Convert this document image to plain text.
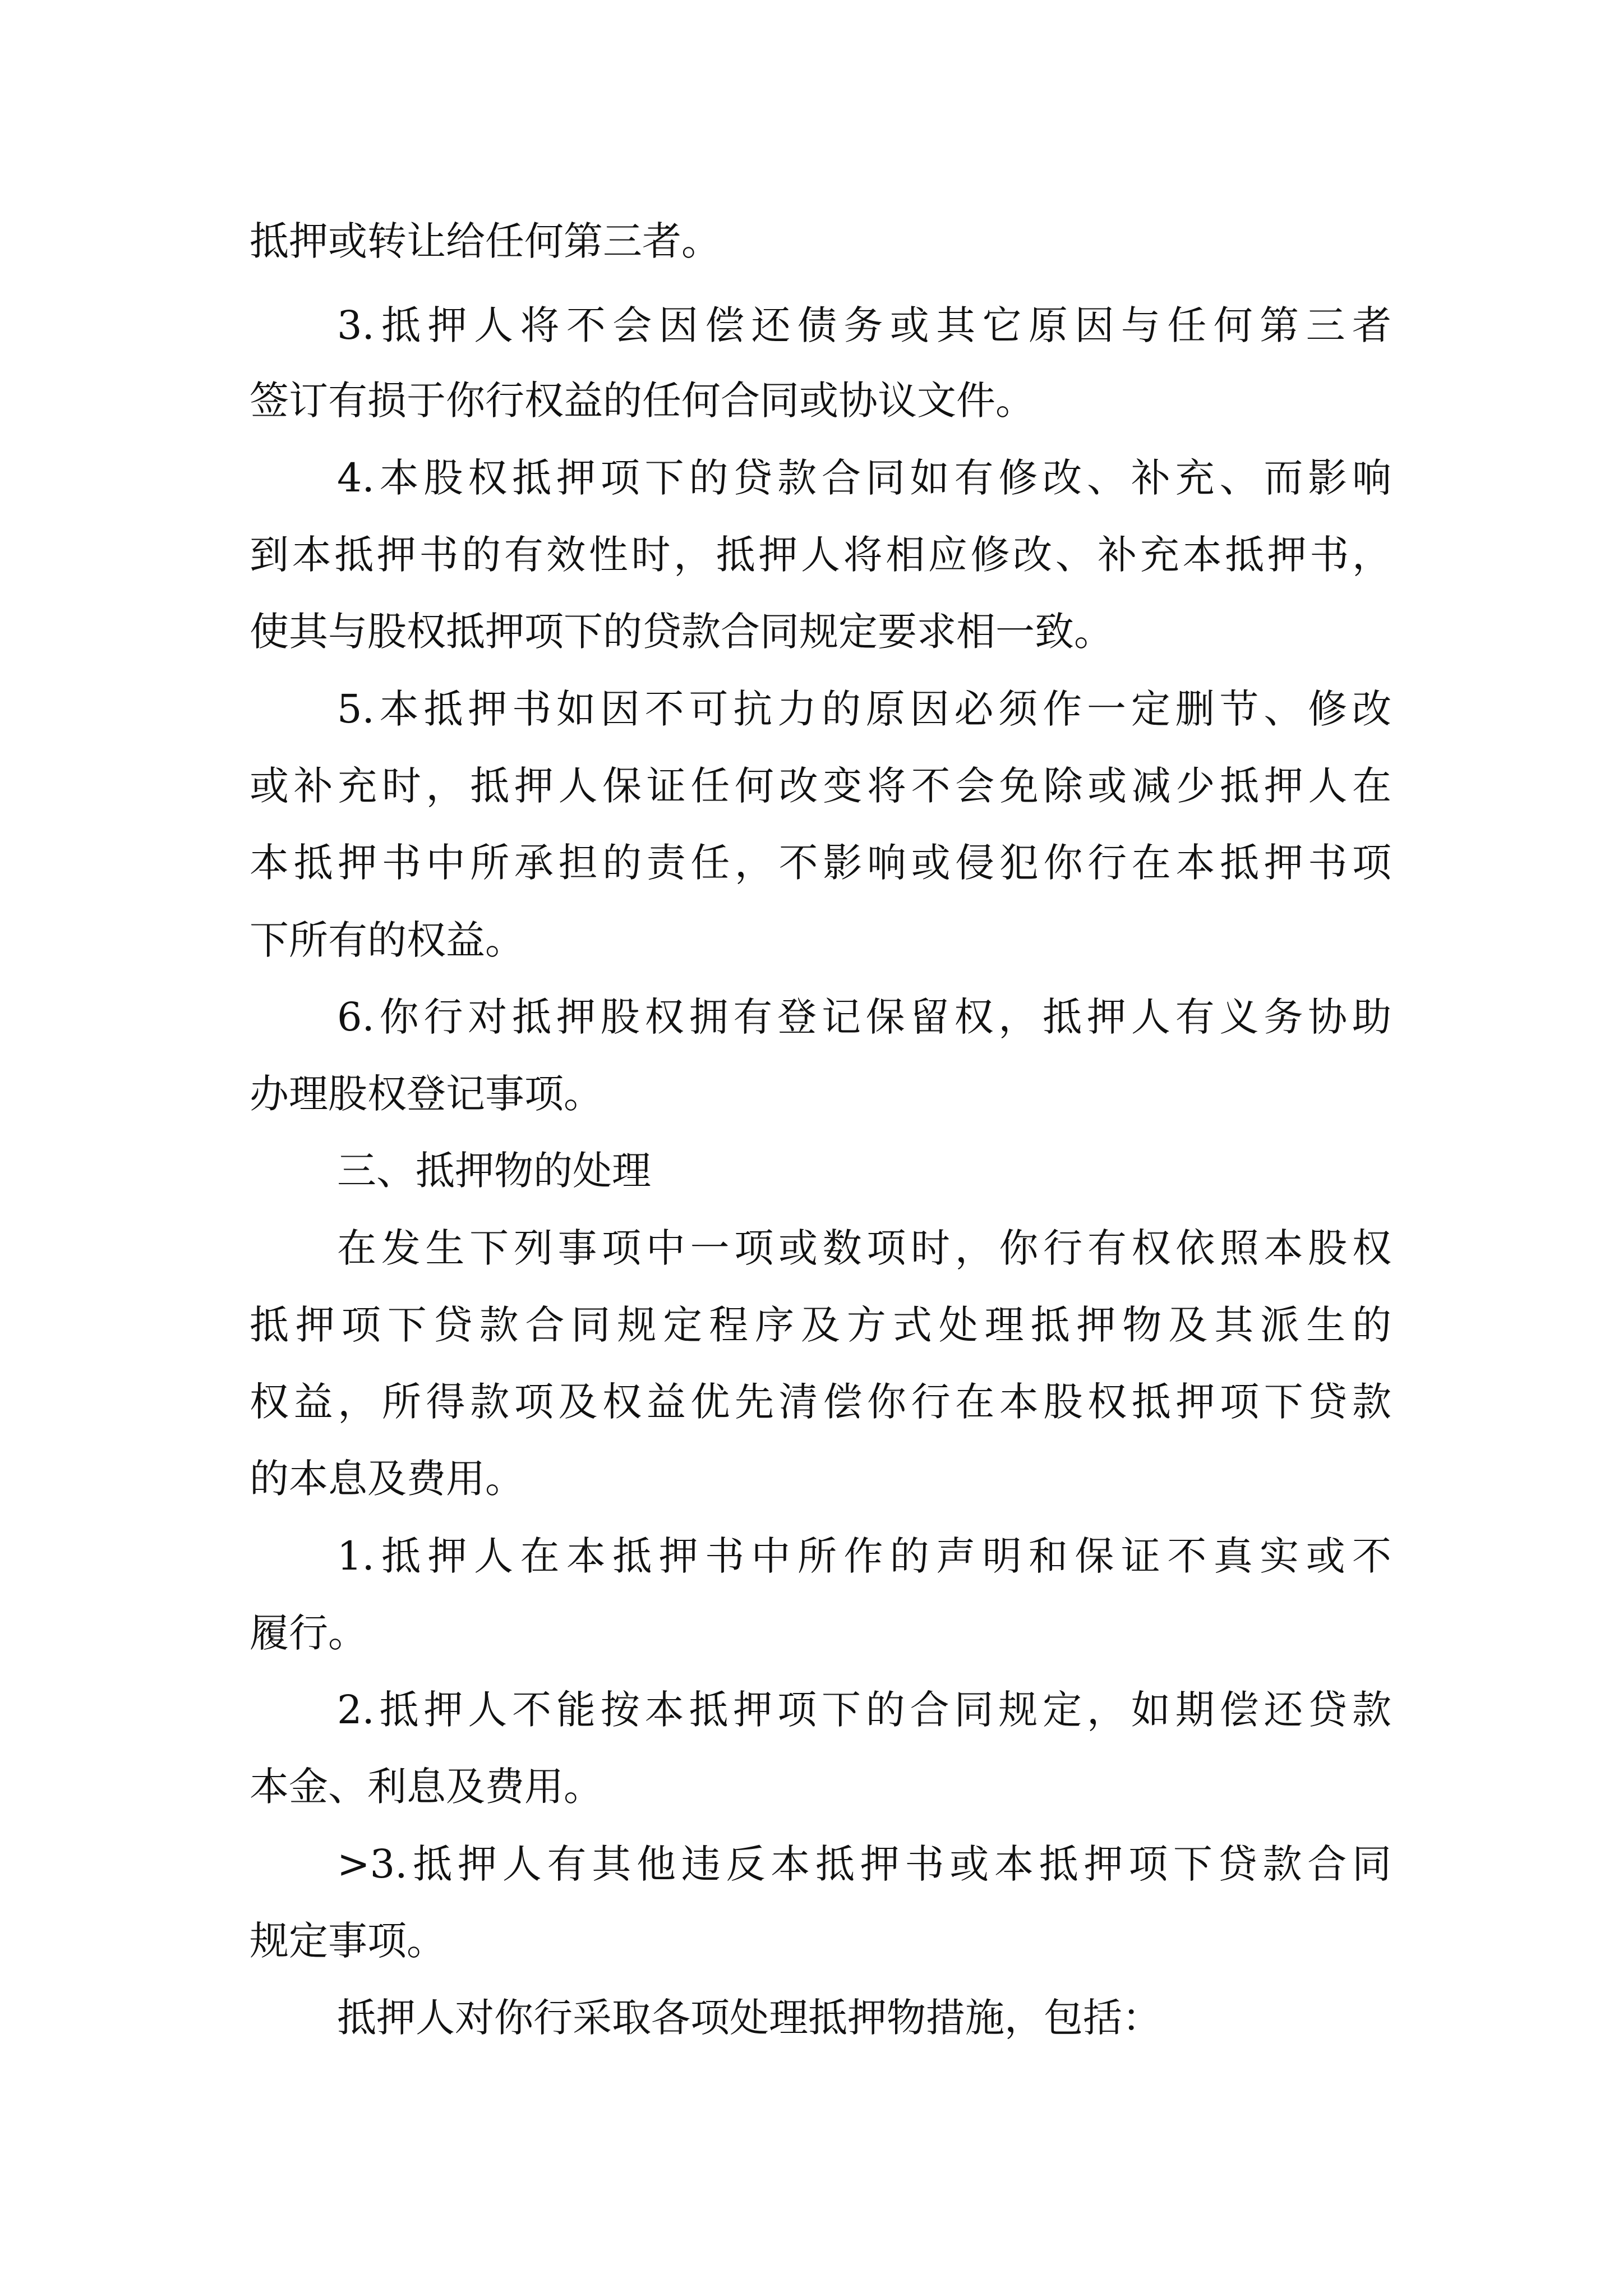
抵押或转让给任何第三者。
3.抵押人将不会因偿还债务或其它原因与任何第三者
签订有损于你行权益的任何合同或协议文件。
4.本股权抵押项下的贷款合同如有修改、补充、而影响
到本抵押书的有效性时，抵押人将相应修改、补充本抵押书，
使其与股权抵押项下的贷款合同规定要求相一致。
5.本抵押书如因不可抗力的原因必须作一定删节、修改
或补充时，抵押人保证任何改变将不会免除或减少抵押人在
本抵押书中所承担的责任，不影响或侵犯你行在本抵押书项
下所有的权益。
6.你行对抵押股权拥有登记保留权，抵押人有义务协助
办理股权登记事项。
三、抵押物的处理
在发生下列事项中一项或数项时，你行有权依照本股权
抵押项下贷款合同规定程序及方式处理抵押物及其派生的
权益，所得款项及权益优先清偿你行在本股权抵押项下贷款
的本息及费用。
1.抵押人在本抵押书中所作的声明和保证不真实或不
履行。
2.抵押人不能按本抵押项下的合同规定，如期偿还贷款
本金、利息及费用。
>3.抵押人有其他违反本抵押书或本抵押项下贷款合同
规定事项。
抵押人对你行采取各项处理抵押物措施，包括：
